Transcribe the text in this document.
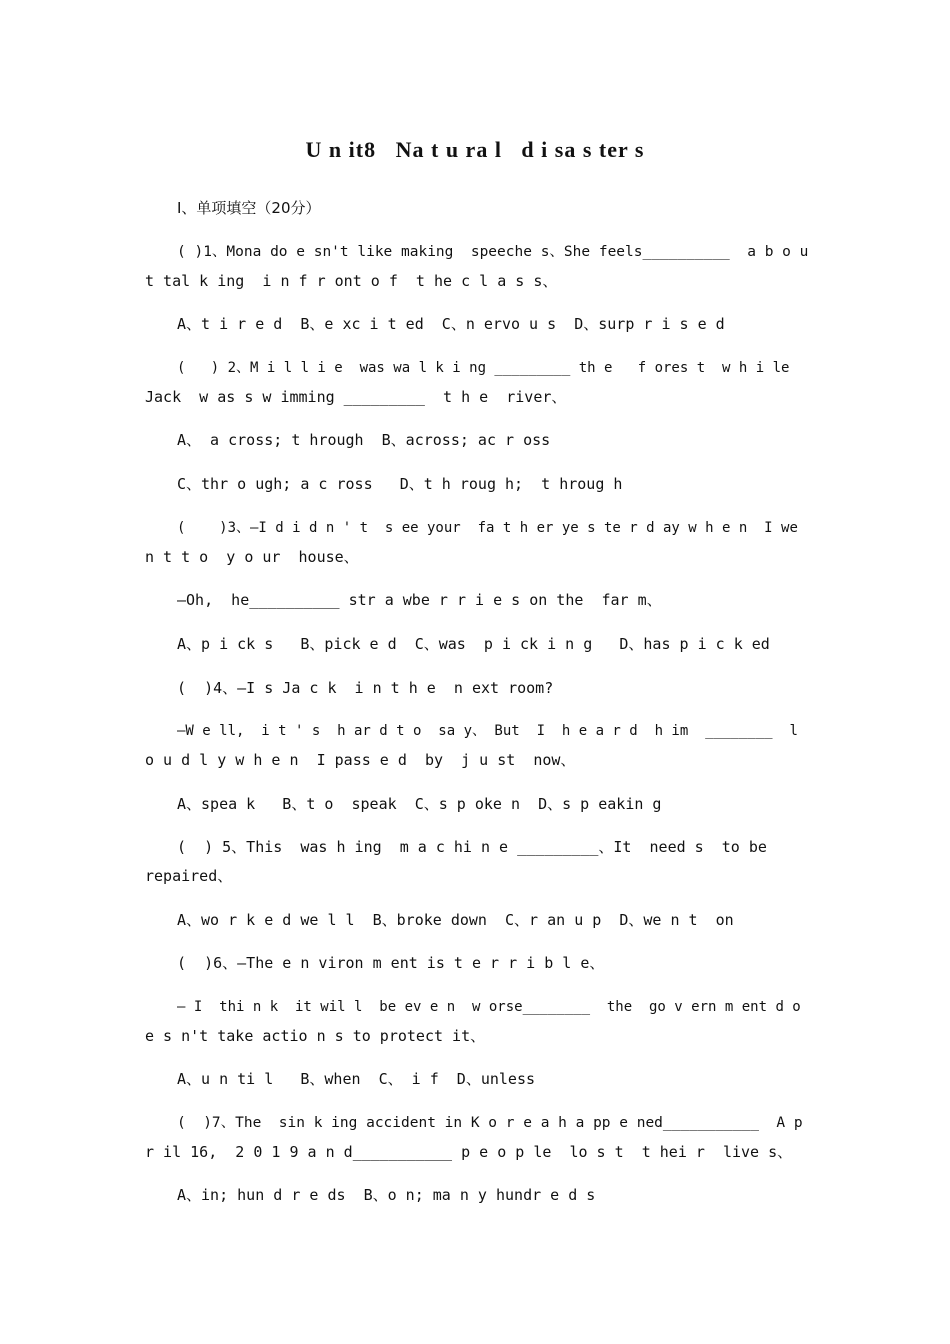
U n it8   Na t u ra l   d i sa s ter s
Ⅰ、单项填空（20分）
( )1、Mona do e sn't like making  speeche s、She feels__________  a b o u
t tal k ing  i n f r ont o f  t he c l a s s、
A、t i r e d  B、e xc i t ed  C、n ervo u s  D、surp r i s e d
(   ) 2、M i l l i e  was wa l k i ng _________ th e   f ores t  w h i le
Jack  w as s w imming _________  t h e  river、
A、 a cross; t hrough  B、across; ac r oss
C、thr o ugh; a c ross   D、t h roug h;  t hroug h
(    )3、—I d i d n ' t  s ee your  fa t h er ye s te r d ay w h e n  I we
n t t o  y o ur  house、
—Oh,  he__________ str a wbe r r i e s on the  far m、
A、p i ck s   B、pick e d  C、was  p i ck i n g   D、has p i c k ed
(  )4、—I s Ja c k  i n t h e  n ext room?
—W e ll,  i t ' s  h ar d t o  sa y、 But  I  h e a r d  h im  ________  l
o u d l y w h e n  I pass e d  by  j u st  now、
A、spea k   B、t o  speak  C、s p oke n  D、s p eakin g
(  ) 5、This  was h ing  m a c hi n e _________、It  need s  to be
repaired、
A、wo r k e d we l l  B、broke down  C、r an u p  D、we n t  on
(  )6、—The e n viron m ent is t e r r i b l e、
— I  thi n k  it wil l  be ev e n  w orse________  the  go v ern m ent d o
e s n't take actio n s to protect it、
A、u n ti l   B、when  C、 i f  D、unless
(  )7、The  sin k ing accident in K o r e a h a pp e ned___________  A p
r il 16,  2 0 1 9 a n d___________ p e o p le  lo s t  t hei r  live s、
A、in; hun d r e ds  B、o n; ma n y hundr e d s
